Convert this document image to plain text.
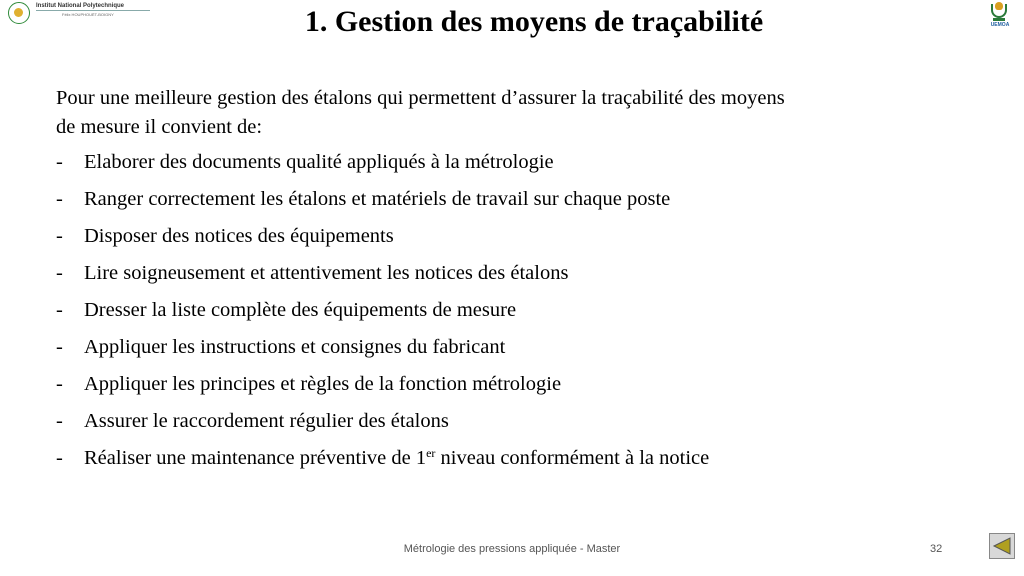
Institut National Polytechnique
Félix HOUPHOUËT-BOIGNY
UEMOA
1. Gestion des moyens de traçabilité

Pour une meilleure gestion des étalons qui permettent d’assurer la traçabilité des moyens
de mesure il convient de:

- Elaborer des documents qualité appliqués à la métrologie
- Ranger correctement les étalons et matériels de travail sur chaque poste
- Disposer des notices des équipements
- Lire soigneusement et attentivement les notices des étalons
- Dresser la liste complète des équipements de mesure
- Appliquer les instructions et consignes du fabricant
- Appliquer les principes et règles de la fonction métrologie
- Assurer le raccordement régulier des étalons
- Réaliser une maintenance préventive de 1er niveau conformément à la notice
Métrologie des pressions appliquée - Master	32
